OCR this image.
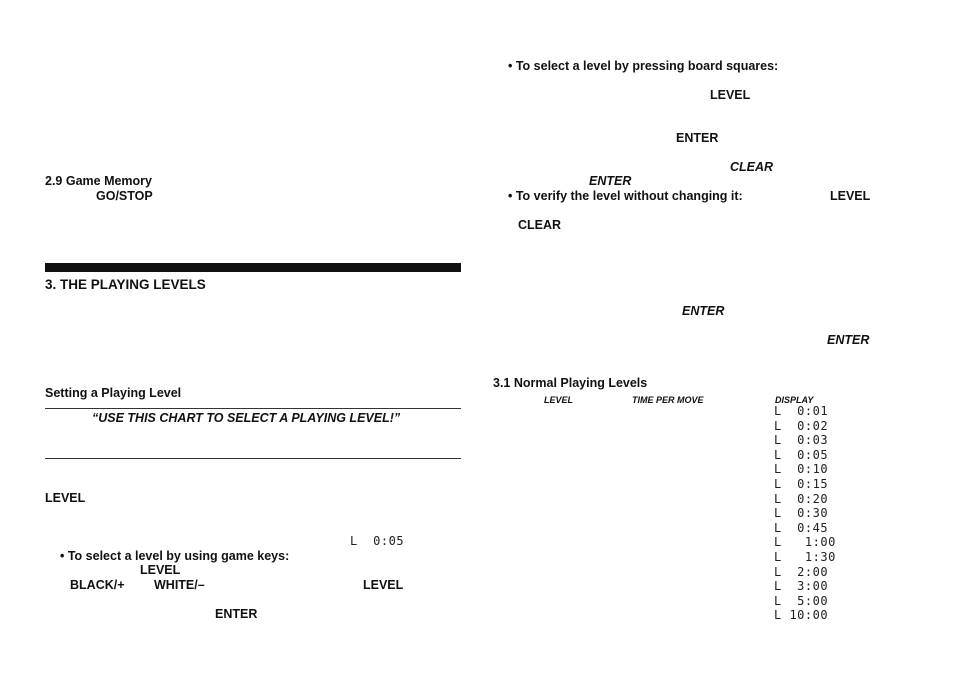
2.9 Game Memory
GO/STOP
3. THE PLAYING LEVELS
Setting a Playing Level
“USE THIS CHART TO SELECT A PLAYING LEVEL!”
LEVEL
L  0:05
• To select a level by using game keys:
LEVEL
BLACK/+ WHITE/–	LEVEL
ENTER
• To select a level by pressing board squares:
LEVEL
ENTER
CLEAR
ENTER
• To verify the level without changing it:	LEVEL
CLEAR
ENTER
ENTER
3.1 Normal Playing Levels
LEVEL	TIME PER MOVE	DISPLAY
L  0:01
L  0:02
L  0:03
L  0:05
L  0:10
L  0:15
L  0:20
L  0:30
L  0:45
L   1:00
L   1:30
L  2:00
L  3:00
L  5:00
L 10:00
